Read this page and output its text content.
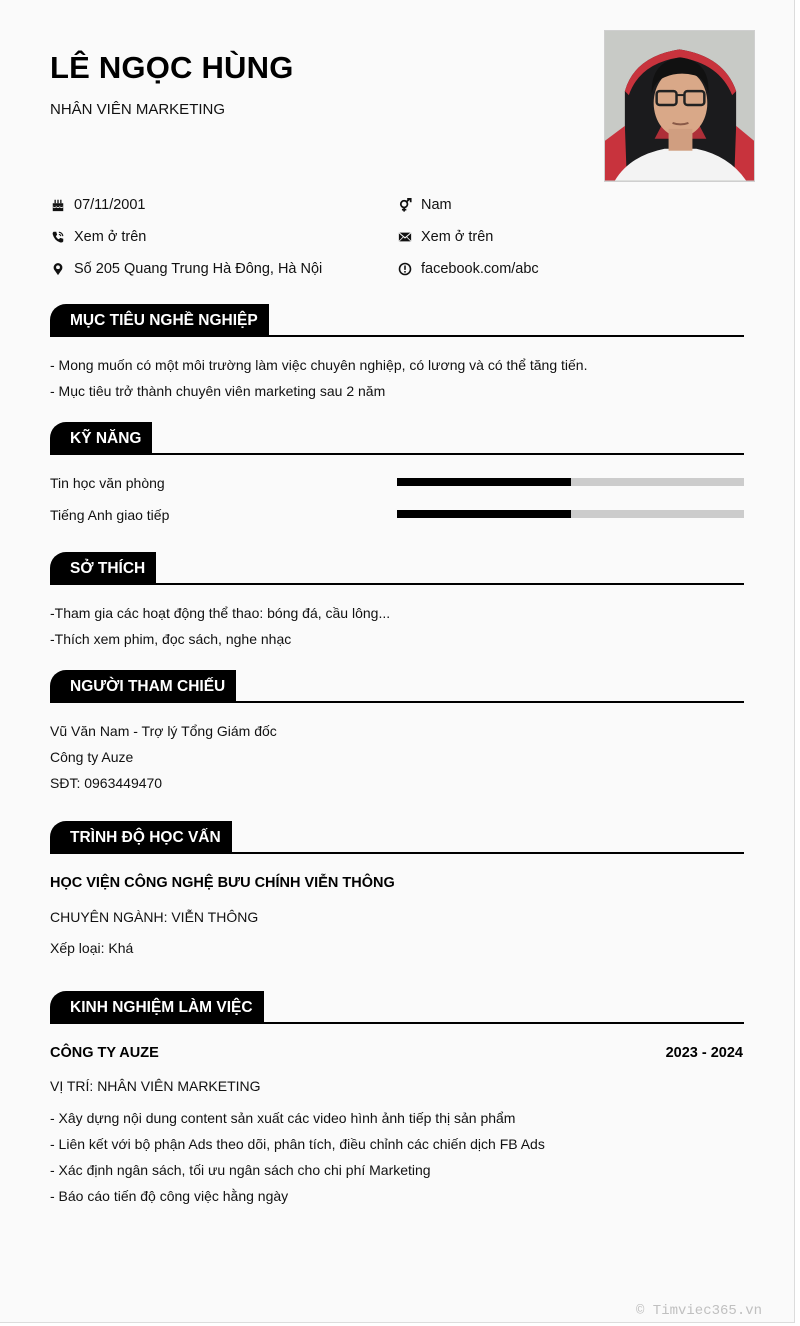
LÊ NGỌC HÙNG
NHÂN VIÊN MARKETING
07/11/2001
Xem ở trên
Số 205 Quang Trung Hà Đông, Hà Nội
Nam
Xem ở trên
facebook.com/abc
MỤC TIÊU NGHỀ NGHIỆP
- Mong muốn có một môi trường làm việc chuyên nghiệp, có lương và có thể tăng tiến.
- Mục tiêu trở thành chuyên viên marketing sau 2 năm
KỸ NĂNG
Tin học văn phòng
Tiếng Anh giao tiếp
SỞ THÍCH
-Tham gia các hoạt động thể thao: bóng đá, cầu lông...
-Thích xem phim, đọc sách, nghe nhạc
NGƯỜI THAM CHIẾU
Vũ Văn Nam - Trợ lý Tổng Giám đốc
Công ty Auze
SĐT: 0963449470
TRÌNH ĐỘ HỌC VẤN
HỌC VIỆN CÔNG NGHỆ BƯU CHÍNH VIỄN THÔNG
CHUYÊN NGÀNH: VIỄN THÔNG
Xếp loại: Khá
KINH NGHIỆM LÀM VIỆC
CÔNG TY AUZE	2023 - 2024
VỊ TRÍ: NHÂN VIÊN MARKETING
- Xây dựng nội dung content sản xuất các video hình ảnh tiếp thị sản phẩm
- Liên kết với bộ phận Ads theo dõi, phân tích, điều chỉnh các chiến dịch FB Ads
- Xác định ngân sách, tối ưu ngân sách cho chi phí Marketing
- Báo cáo tiến độ công việc hằng ngày
© Timviec365.vn
